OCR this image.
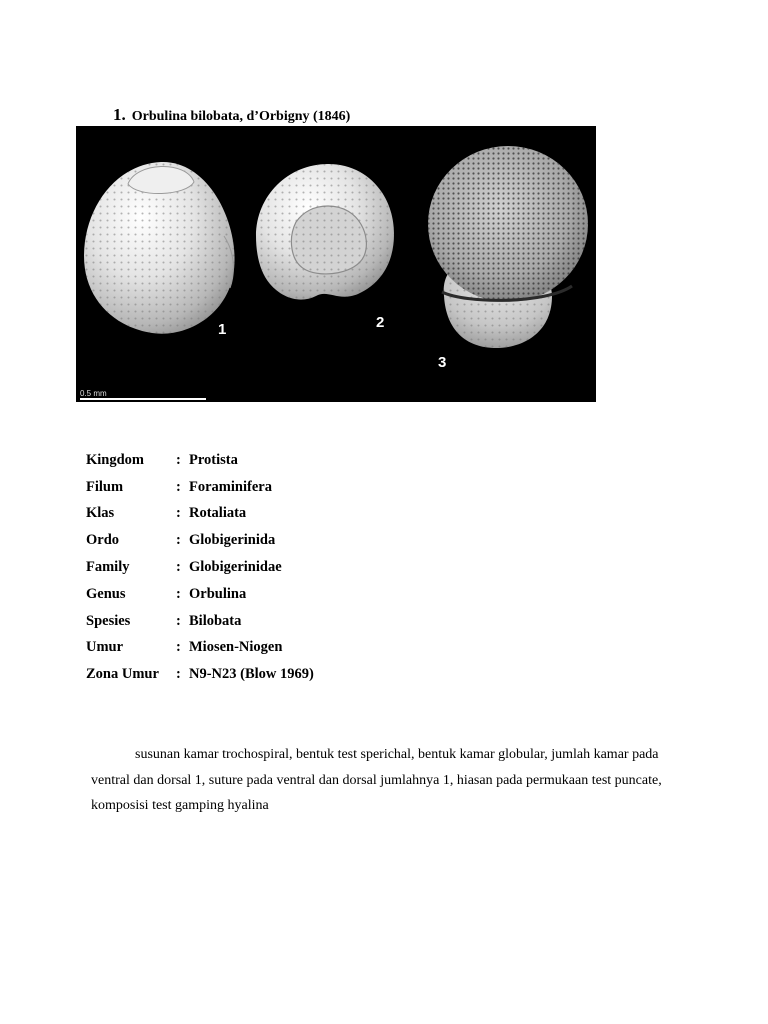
1. Orbulina bilobata, d’Orbigny (1846)
1	2
3
0.5 mm
Kingdom	:	Protista
Filum	:	Foraminifera
Klas	:	Rotaliata
Ordo	:	Globigerinida
Family	:	Globigerinidae
Genus	:	Orbulina
Spesies	:	Bilobata
Umur	:	Miosen-Niogen
Zona Umur	:	N9-N23 (Blow 1969)

susunan kamar trochospiral, bentuk test sperichal, bentuk kamar globular, jumlah kamar pada ventral dan dorsal 1, suture pada ventral dan dorsal jumlahnya 1, hiasan pada permukaan test puncate, komposisi test gamping hyalina
